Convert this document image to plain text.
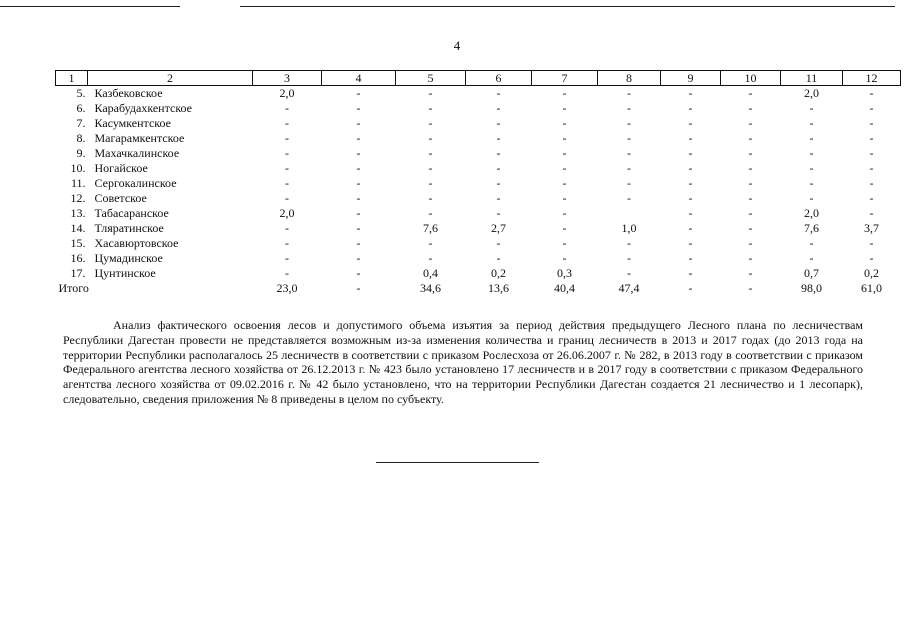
4
1	2	3	4	5	6	7	8	9	10	11	12
5.	Казбековское	2,0	-	-	-	-	-	-	-	2,0	-
6.	Карабудахкентское	-	-	-	-	-	-	-	-	-	-
7.	Касумкентское	-	-	-	-	-	-	-	-	-	-
8.	Магарамкентское	-	-	-	-	-	-	-	-	-	-
9.	Махачкалинское	-	-	-	-	-	-	-	-	-	-
10.	Ногайское	-	-	-	-	-	-	-	-	-	-
11.	Сергокалинское	-	-	-	-	-	-	-	-	-	-
12.	Советское	-	-	-	-	-	-	-	-	-	-
13.	Табасаранское	2,0	-	-	-	-		-	-	2,0	-
14.	Тляратинское	-	-	7,6	2,7	-	1,0	-	-	7,6	3,7
15.	Хасавюртовское	-	-	-	-	-	-	-	-	-	-
16.	Цумадинское	-	-	-	-	-	-	-	-	-	-
17.	Цунтинское	-	-	0,4	0,2	0,3	-	-	-	0,7	0,2
Итого		23,0	-	34,6	13,6	40,4	47,4	-	-	98,0	61,0

Анализ фактического освоения лесов и допустимого объема изъятия за период действия предыдущего Лесного плана по лесничествам Республики Дагестан провести не представляется возможным из-за изменения количества и границ лесничеств в 2013 и 2017 годах (до 2013 года на территории Республики располагалось 25 лесничеств в соответствии с приказом Рослесхоза от 26.06.2007 г. № 282, в 2013 году в соответствии с приказом Федерального агентства лесного хозяйства от 26.12.2013 г. № 423 было установлено 17 лесничеств и в 2017 году в соответствии с приказом Федерального агентства лесного хозяйства от 09.02.2016 г. № 42 было установлено, что на территории Республики Дагестан создается 21 лесничество и 1 лесопарк), следовательно, сведения приложения № 8 приведены в целом по субъекту.
